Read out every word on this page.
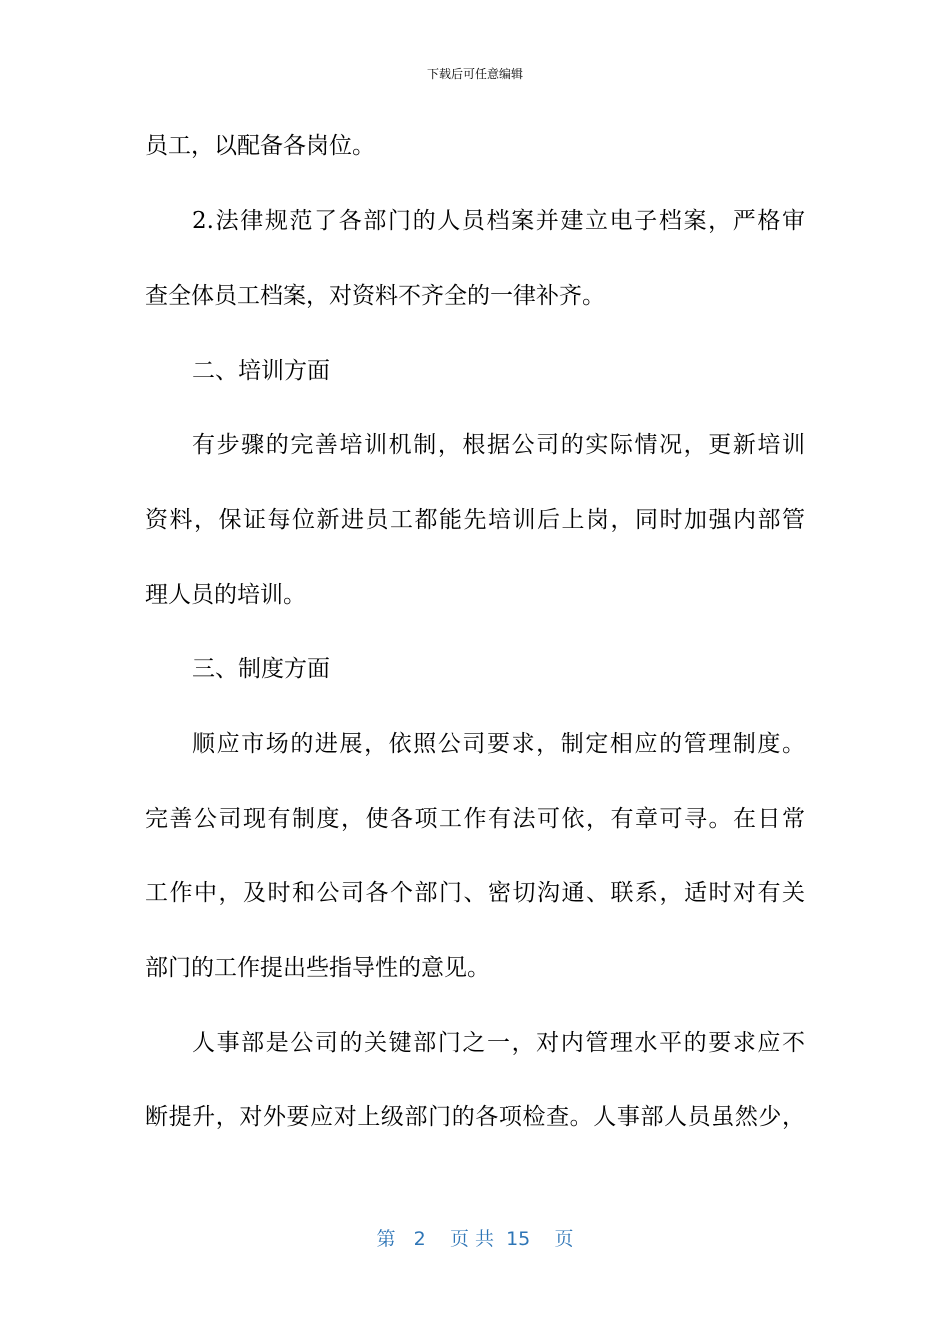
下载后可任意编辑
员工，以配备各岗位。
2.法律规范了各部门的人员档案并建立电子档案，严格审
查全体员工档案，对资料不齐全的一律补齐。
二、培训方面
有步骤的完善培训机制，根据公司的实际情况，更新培训
资料，保证每位新进员工都能先培训后上岗，同时加强内部管
理人员的培训。
三、制度方面
顺应市场的进展，依照公司要求，制定相应的管理制度。
完善公司现有制度，使各项工作有法可依，有章可寻。在日常
工作中，及时和公司各个部门、密切沟通、联系，适时对有关
部门的工作提出些指导性的意见。
人事部是公司的关键部门之一，对内管理水平的要求应不
断提升，对外要应对上级部门的各项检查。人事部人员虽然少，
第 2 页 共 15 页
